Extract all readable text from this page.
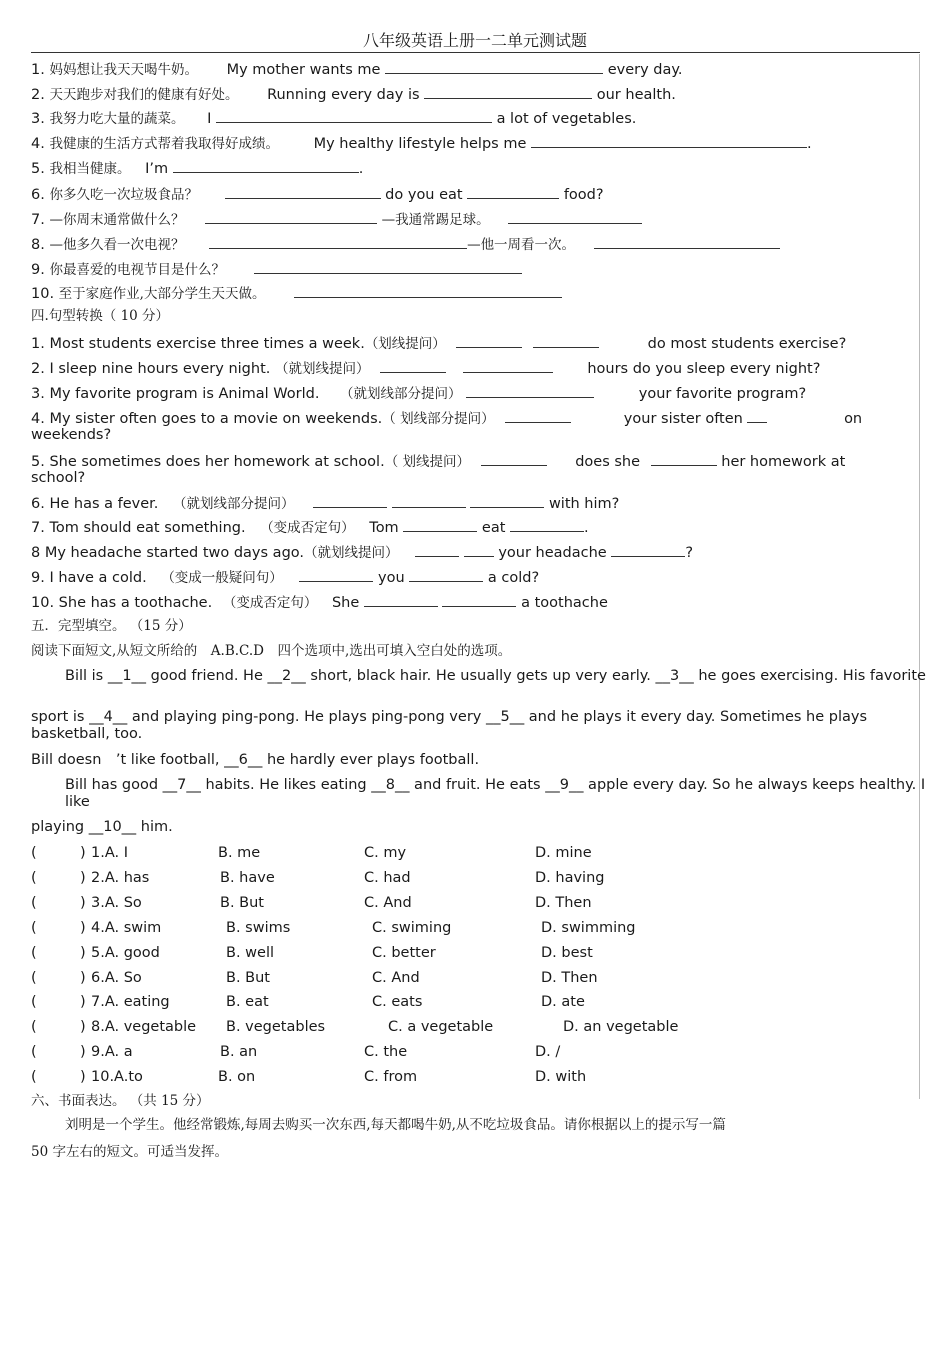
八年级英语上册一二单元测试题
1. 妈妈想让我天天喝牛奶。 My mother wants me	every day.
2. 天天跑步对我们的健康有好处。 Running every day is	our health.
3. 我努力吃大量的蔬菜。 I	a lot of vegetables.
4. 我健康的生活方式帮着我取得好成绩。 My healthy lifestyle helps me	.
5. 我相当健康。 I’m	.
6. 你多久吃一次垃圾食品？	do you eat	food?
7. —你周末通常做什么？	—我通常踢足球。
8. —他多久看一次电视？	—他一周看一次。
9. 你最喜爱的电视节目是什么？
10. 至于家庭作业,大部分学生天天做。
四.句型转换（ 10 分）
1. Most students exercise three times a week.（划线提问）	do most students exercise?
2. I sleep nine hours every night. （就划线提问）	hours do you sleep every night?
3. My favorite program is Animal World. （就划线部分提问）	your favorite program?
4. My sister often goes to a movie on weekends.（ 划线部分提问）	your sister often	on
weekends?
5. She sometimes does her homework at school.（ 划线提问）	does she	her homework at
school?
6. He has a fever. （就划线部分提问）	with him?
7. Tom should eat something. （变成否定句） Tom	eat	.
8 My headache started two days ago.（就划线提问）	your headache	?
9. I have a cold. （变成一般疑问句）	you	a cold?
10. She has a toothache. （变成否定句） She	a toothache
五．完型填空。 （15 分）
阅读下面短文,从短文所给的　A.B.C.D　四个选项中,选出可填入空白处的选项。
Bill is __1__ good friend. He __2__ short, black hair. He usually gets up very early. __3__ he goes exercising. His favorite
sport is __4__ and playing ping-pong. He plays ping-pong very __5__ and he plays it every day. Sometimes he plays basketball, too.
Bill doesn　’t like football, __6__ he hardly ever plays football.
Bill has good __7__ habits. He likes eating __8__ and fruit. He eats __9__ apple every day. So he always keeps healthy. I like
playing __10__ him.
(	) 1.A. I	B. me	C. my	D. mine
(	) 2.A. has	B. have	C. had	D. having
(	) 3.A. So	B. But	C. And	D. Then
(	) 4.A. swim	B. swims	C. swiming	D. swimming
(	) 5.A. good	B. well	C. better	D. best
(	) 6.A. So	B. But	C. And	D. Then
(	) 7.A. eating	B. eat	C. eats	D. ate
(	) 8.A. vegetable B. vegetables	C. a vegetable	D. an vegetable
(	) 9.A. a	B. an	C. the	D. /
(	) 10.A.to	B. on	C. from	D. with
六、书面表达。 （共 15 分）
刘明是一个学生。他经常锻炼,每周去购买一次东西,每天都喝牛奶,从不吃垃圾食品。请你根据以上的提示写一篇
50 字左右的短文。可适当发挥。
